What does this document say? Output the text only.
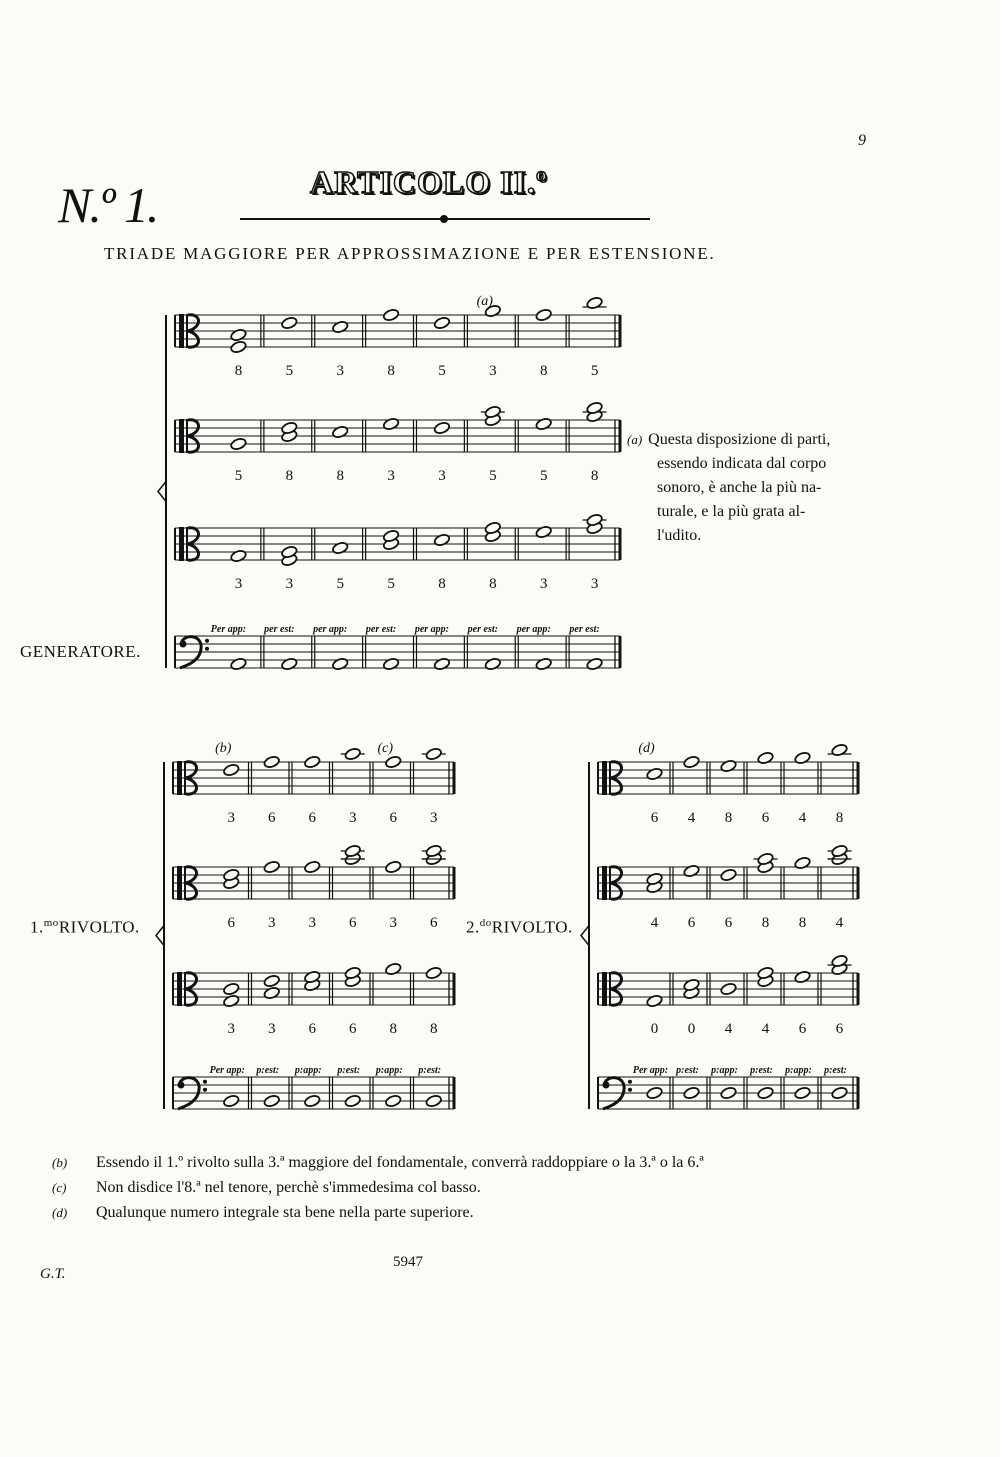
9
N.º 1.	ARTICOLO II.º
TRIADE MAGGIORE PER APPROSSIMAZIONE E PER ESTENSIONE.
GENERATORE.
1.$^{mo}$RIVOLTO.	2.$^{do}$RIVOLTO.
8	5	3	8	5	3	8	5
5	8	8	3	3	5	5	8
3	3	5	5	8	8	3	3
Per app: per est: per app: per est: per app: per est: per app: per est:
(a)
3 6 6 3 6 3
6 3 3 6 3 6
3 3 6 6 8 8
Per app: p:est: p:app: p:est: p:app: p:est:
(b)	(c)
6 4 8 6 4 8
4 6 6 8 8 4
0 0 4 4 6 6
Per app: p:est: p:app: p:est: p:app: p:est:
(d)
(a) Questa disposizione di parti,
essendo indicata dal corpo
sonoro, è anche la più na-
turale, e la più grata al-
l'udito.
(b) Essendo il 1.º rivolto sulla 3.ª maggiore del fondamentale, converrà raddoppiare o la 3.ª o la 6.ª
(c) Non disdice l'8.ª nel tenore, perchè s'immedesima col basso.
(d) Qualunque numero integrale sta bene nella parte superiore.
G.T.
5947
